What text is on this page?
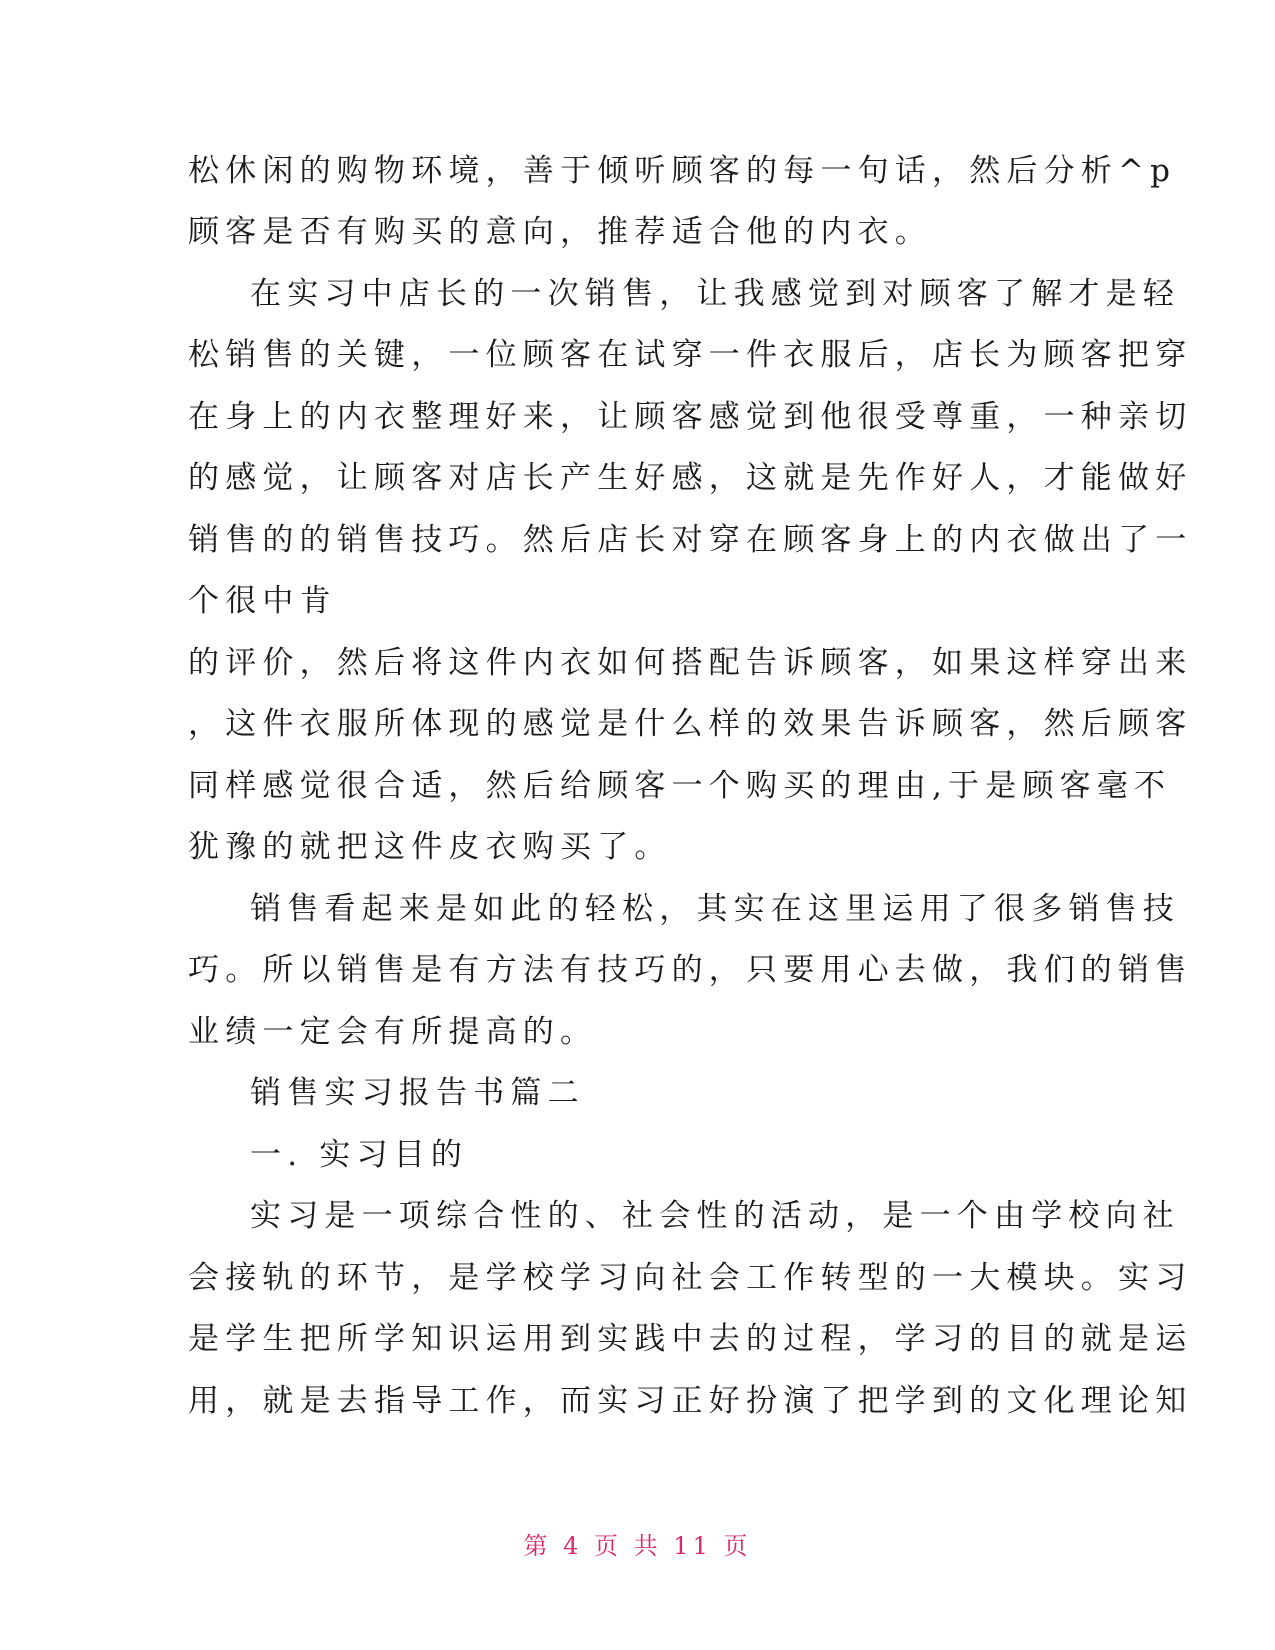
松休闲的购物环境，善于倾听顾客的每一句话，然后分析^p
顾客是否有购买的意向，推荐适合他的内衣。
在实习中店长的一次销售，让我感觉到对顾客了解才是轻
松销售的关键，一位顾客在试穿一件衣服后，店长为顾客把穿
在身上的内衣整理好来，让顾客感觉到他很受尊重，一种亲切
的感觉，让顾客对店长产生好感，这就是先作好人，才能做好
销售的的销售技巧。然后店长对穿在顾客身上的内衣做出了一
个很中肯
的评价，然后将这件内衣如何搭配告诉顾客，如果这样穿出来
，这件衣服所体现的感觉是什么样的效果告诉顾客，然后顾客
同样感觉很合适，然后给顾客一个购买的理由,于是顾客毫不
犹豫的就把这件皮衣购买了。
销售看起来是如此的轻松，其实在这里运用了很多销售技
巧。所以销售是有方法有技巧的，只要用心去做，我们的销售
业绩一定会有所提高的。
销售实习报告书篇二
一. 实习目的
实习是一项综合性的、社会性的活动，是一个由学校向社
会接轨的环节，是学校学习向社会工作转型的一大模块。实习
是学生把所学知识运用到实践中去的过程，学习的目的就是运
用，就是去指导工作，而实习正好扮演了把学到的文化理论知
第 4 页 共 11 页
